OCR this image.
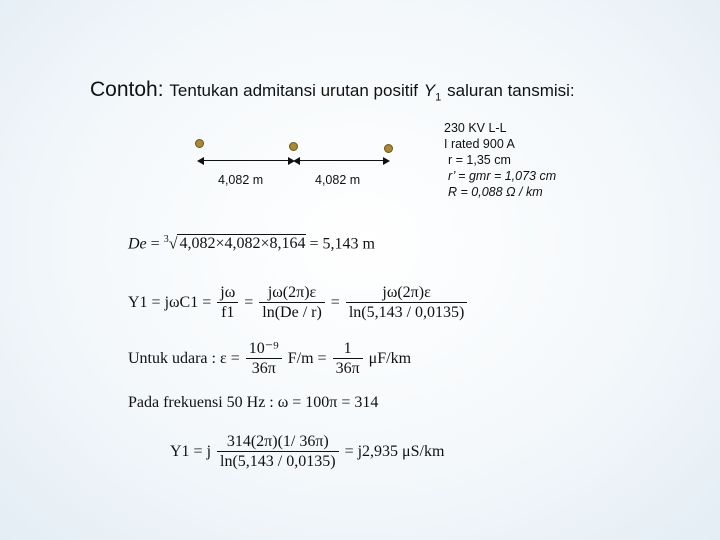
Contoh: Tentukan admitansi urutan positif $Y_1$ saluran tansmisi:
230 KV L-L
I rated 900 A
r = 1,35 cm
r’ = gmr = 1,073 cm
R = 0,088 Ω / km
4,082 m	4,082 m
De = $^3$√ 4,082×4,082×8,164 = 5,143 m
$Y1 = j\omega C1 = \frac{j\omega}{f1} = \frac{j\omega(2\pi)\varepsilon}{\ln(De / r)} = \frac{j\omega(2\pi)\varepsilon}{\ln(5,143 / 0,0135)}$
Untuk udara : $\varepsilon = \frac{\text{10⁻⁹}}{36\pi} F/m = \frac{1}{36\pi} \mu F/km$
Pada frekuensi 50 Hz : ω = 100π = 314
Y1 = j $\frac{314(2\pi)(1/ 36\pi)}{\ln(5,143 / 0,0135)} = j2,935$ μS/km
